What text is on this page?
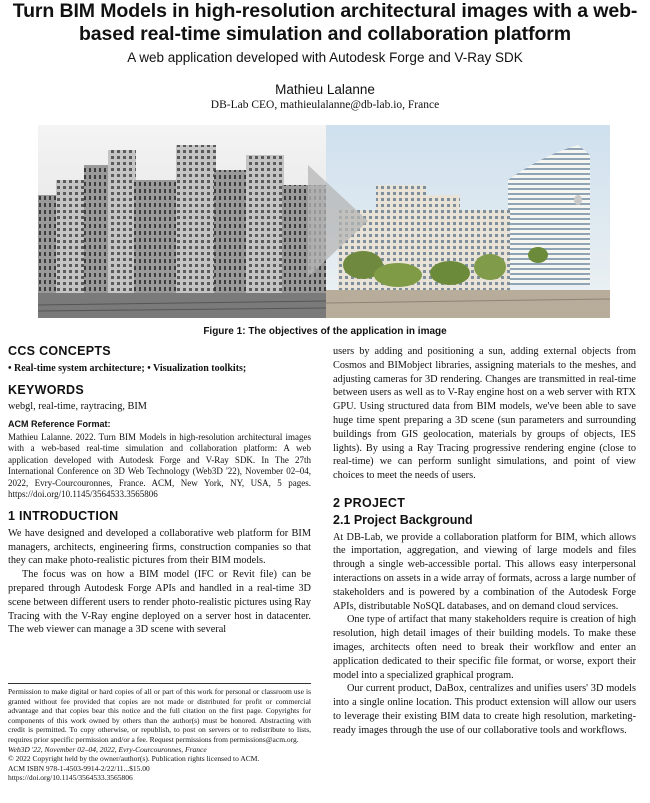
Turn BIM Models in high-resolution architectural images with a web-based real-time simulation and collaboration platform
A web application developed with Autodesk Forge and V-Ray SDK
Mathieu Lalanne
DB-Lab CEO, mathieulalanne@db-lab.io, France
Figure 1: The objectives of the application in image
CCS CONCEPTS

• Real-time system architecture; • Visualization toolkits;

KEYWORDS

webgl, real-time, raytracing, BIM

ACM Reference Format:

Mathieu Lalanne. 2022. Turn BIM Models in high-resolution architectural images with a web-based real-time simulation and collaboration platform: A web application developed with Autodesk Forge and V-Ray SDK. In The 27th International Conference on 3D Web Technology (Web3D '22), November 02–04, 2022, Evry-Courcouronnes, France. ACM, New York, NY, USA, 5 pages. https://doi.org/10.1145/3564533.3565806

1 INTRODUCTION

We have designed and developed a collaborative web platform for BIM managers, architects, engineering firms, construction companies so that they can make photo-realistic pictures from their BIM models.

The focus was on how a BIM model (IFC or Revit file) can be prepared through Autodesk Forge APIs and handled in a real-time 3D scene between different users to render photo-realistic pictures using Ray Tracing with the V-Ray engine deployed on a server host in datacenter. The web viewer can manage a 3D scene with several

Permission to make digital or hard copies of all or part of this work for personal or classroom use is granted without fee provided that copies are not made or distributed for profit or commercial advantage and that copies bear this notice and the full citation on the first page. Copyrights for components of this work owned by others than the author(s) must be honored. Abstracting with credit is permitted. To copy otherwise, or republish, to post on servers or to redistribute to lists, requires prior specific permission and/or a fee. Request permissions from permissions@acm.org.

Web3D '22, November 02–04, 2022, Evry-Courcouronnes, France

© 2022 Copyright held by the owner/author(s). Publication rights licensed to ACM.

ACM ISBN 978-1-4503-9914-2/22/11...$15.00

https://doi.org/10.1145/3564533.3565806

users by adding and positioning a sun, adding external objects from Cosmos and BIMobject libraries, assigning materials to the meshes, and adjusting cameras for 3D rendering. Changes are transmitted in real-time between users as well as to V-Ray engine host on a web server with RTX GPU. Using structured data from BIM models, we've been able to save huge time spent preparing a 3D scene (sun parameters and surrounding buildings from GIS geolocation, materials by groups of objects, IES lights). By using a Ray Tracing progressive rendering engine (close to real-time) we can perform sunlight simulations, and point of view choices to meet the needs of users.

2 PROJECT
2.1 Project Background

At DB-Lab, we provide a collaboration platform for BIM, which allows the importation, aggregation, and viewing of large models and files through a single web-accessible portal. This allows easy interpersonal interactions on assets in a wide array of formats, across a large number of stakeholders and is powered by a combination of the Autodesk Forge APIs, distributable NoSQL databases, and on demand cloud services.

One type of artifact that many stakeholders require is creation of high resolution, high detail images of their building models. To make these images, architects often need to break their workflow and enter an application dedicated to their specific file format, or worse, export their model into a specialized graphical program.

Our current product, DaBox, centralizes and unifies users' 3D models into a single online location. This product extension will allow our users to leverage their existing BIM data to create high resolution, marketing-ready images through the use of our collaborative tools and workflows.
